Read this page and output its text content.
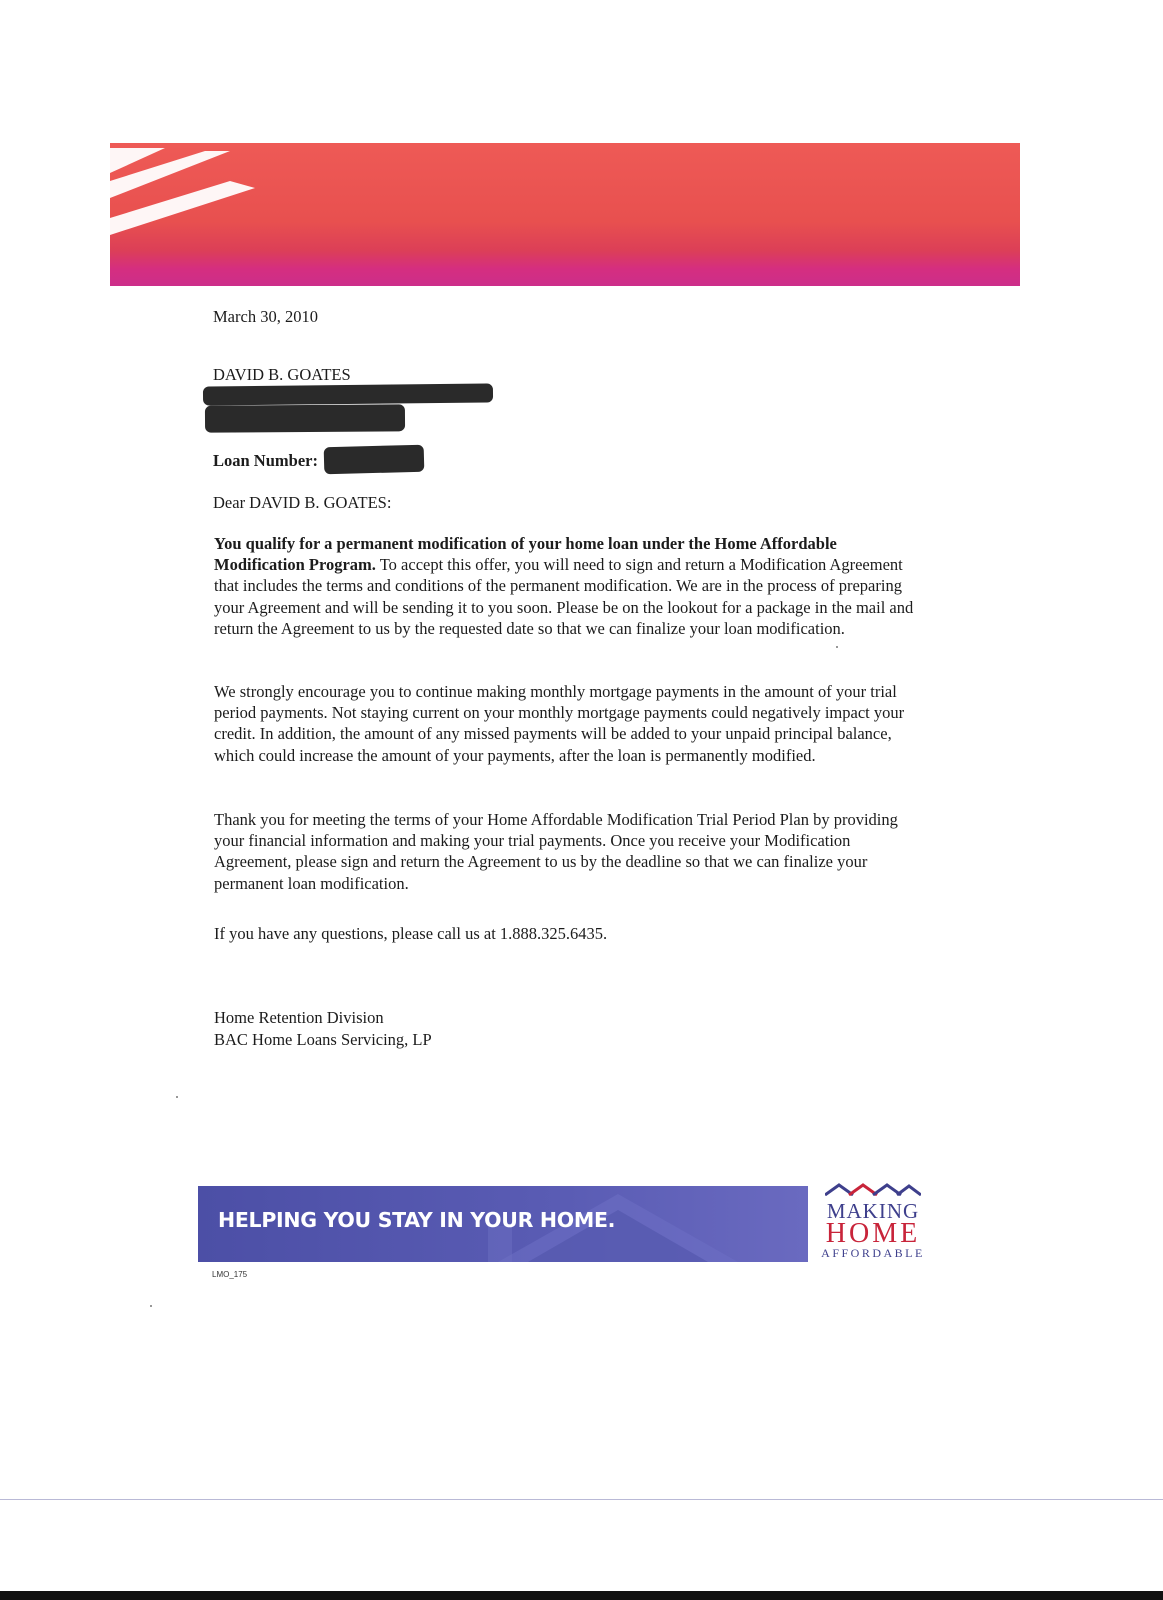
March 30, 2010
DAVID B. GOATES
Loan Number:
Dear DAVID B. GOATES:
You qualify for a permanent modification of your home loan under the Home Affordable Modification Program. To accept this offer, you will need to sign and return a Modification Agreement that includes the terms and conditions of the permanent modification. We are in the process of preparing your Agreement and will be sending it to you soon. Please be on the lookout for a package in the mail and return the Agreement to us by the requested date so that we can finalize your loan modification.
We strongly encourage you to continue making monthly mortgage payments in the amount of your trial period payments. Not staying current on your monthly mortgage payments could negatively impact your credit. In addition, the amount of any missed payments will be added to your unpaid principal balance, which could increase the amount of your payments, after the loan is permanently modified.
Thank you for meeting the terms of your Home Affordable Modification Trial Period Plan by providing your financial information and making your trial payments. Once you receive your Modification Agreement, please sign and return the Agreement to us by the deadline so that we can finalize your permanent loan modification.
If you have any questions, please call us at 1.888.325.6435.
Home Retention Division
BAC Home Loans Servicing, LP
HELPING YOU STAY IN YOUR HOME.	MAKING
HOME
AFFORDABLE
LMO_175
